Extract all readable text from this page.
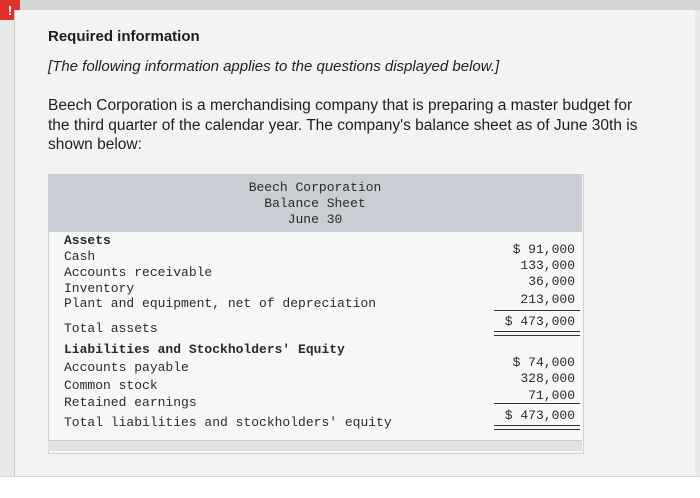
!
Required information
[The following information applies to the questions displayed below.]
Beech Corporation is a merchandising company that is preparing a master budget for the third quarter of the calendar year. The company's balance sheet as of June 30th is shown below:
Beech Corporation
Balance Sheet
June 30
Assets
Cash	$ 91,000
Accounts receivable	133,000
Inventory	36,000
Plant and equipment, net of depreciation	213,000
Total assets	$ 473,000
Liabilities and Stockholders' Equity
Accounts payable	$ 74,000
Common stock	328,000
Retained earnings	71,000
Total liabilities and stockholders' equity	$ 473,000
